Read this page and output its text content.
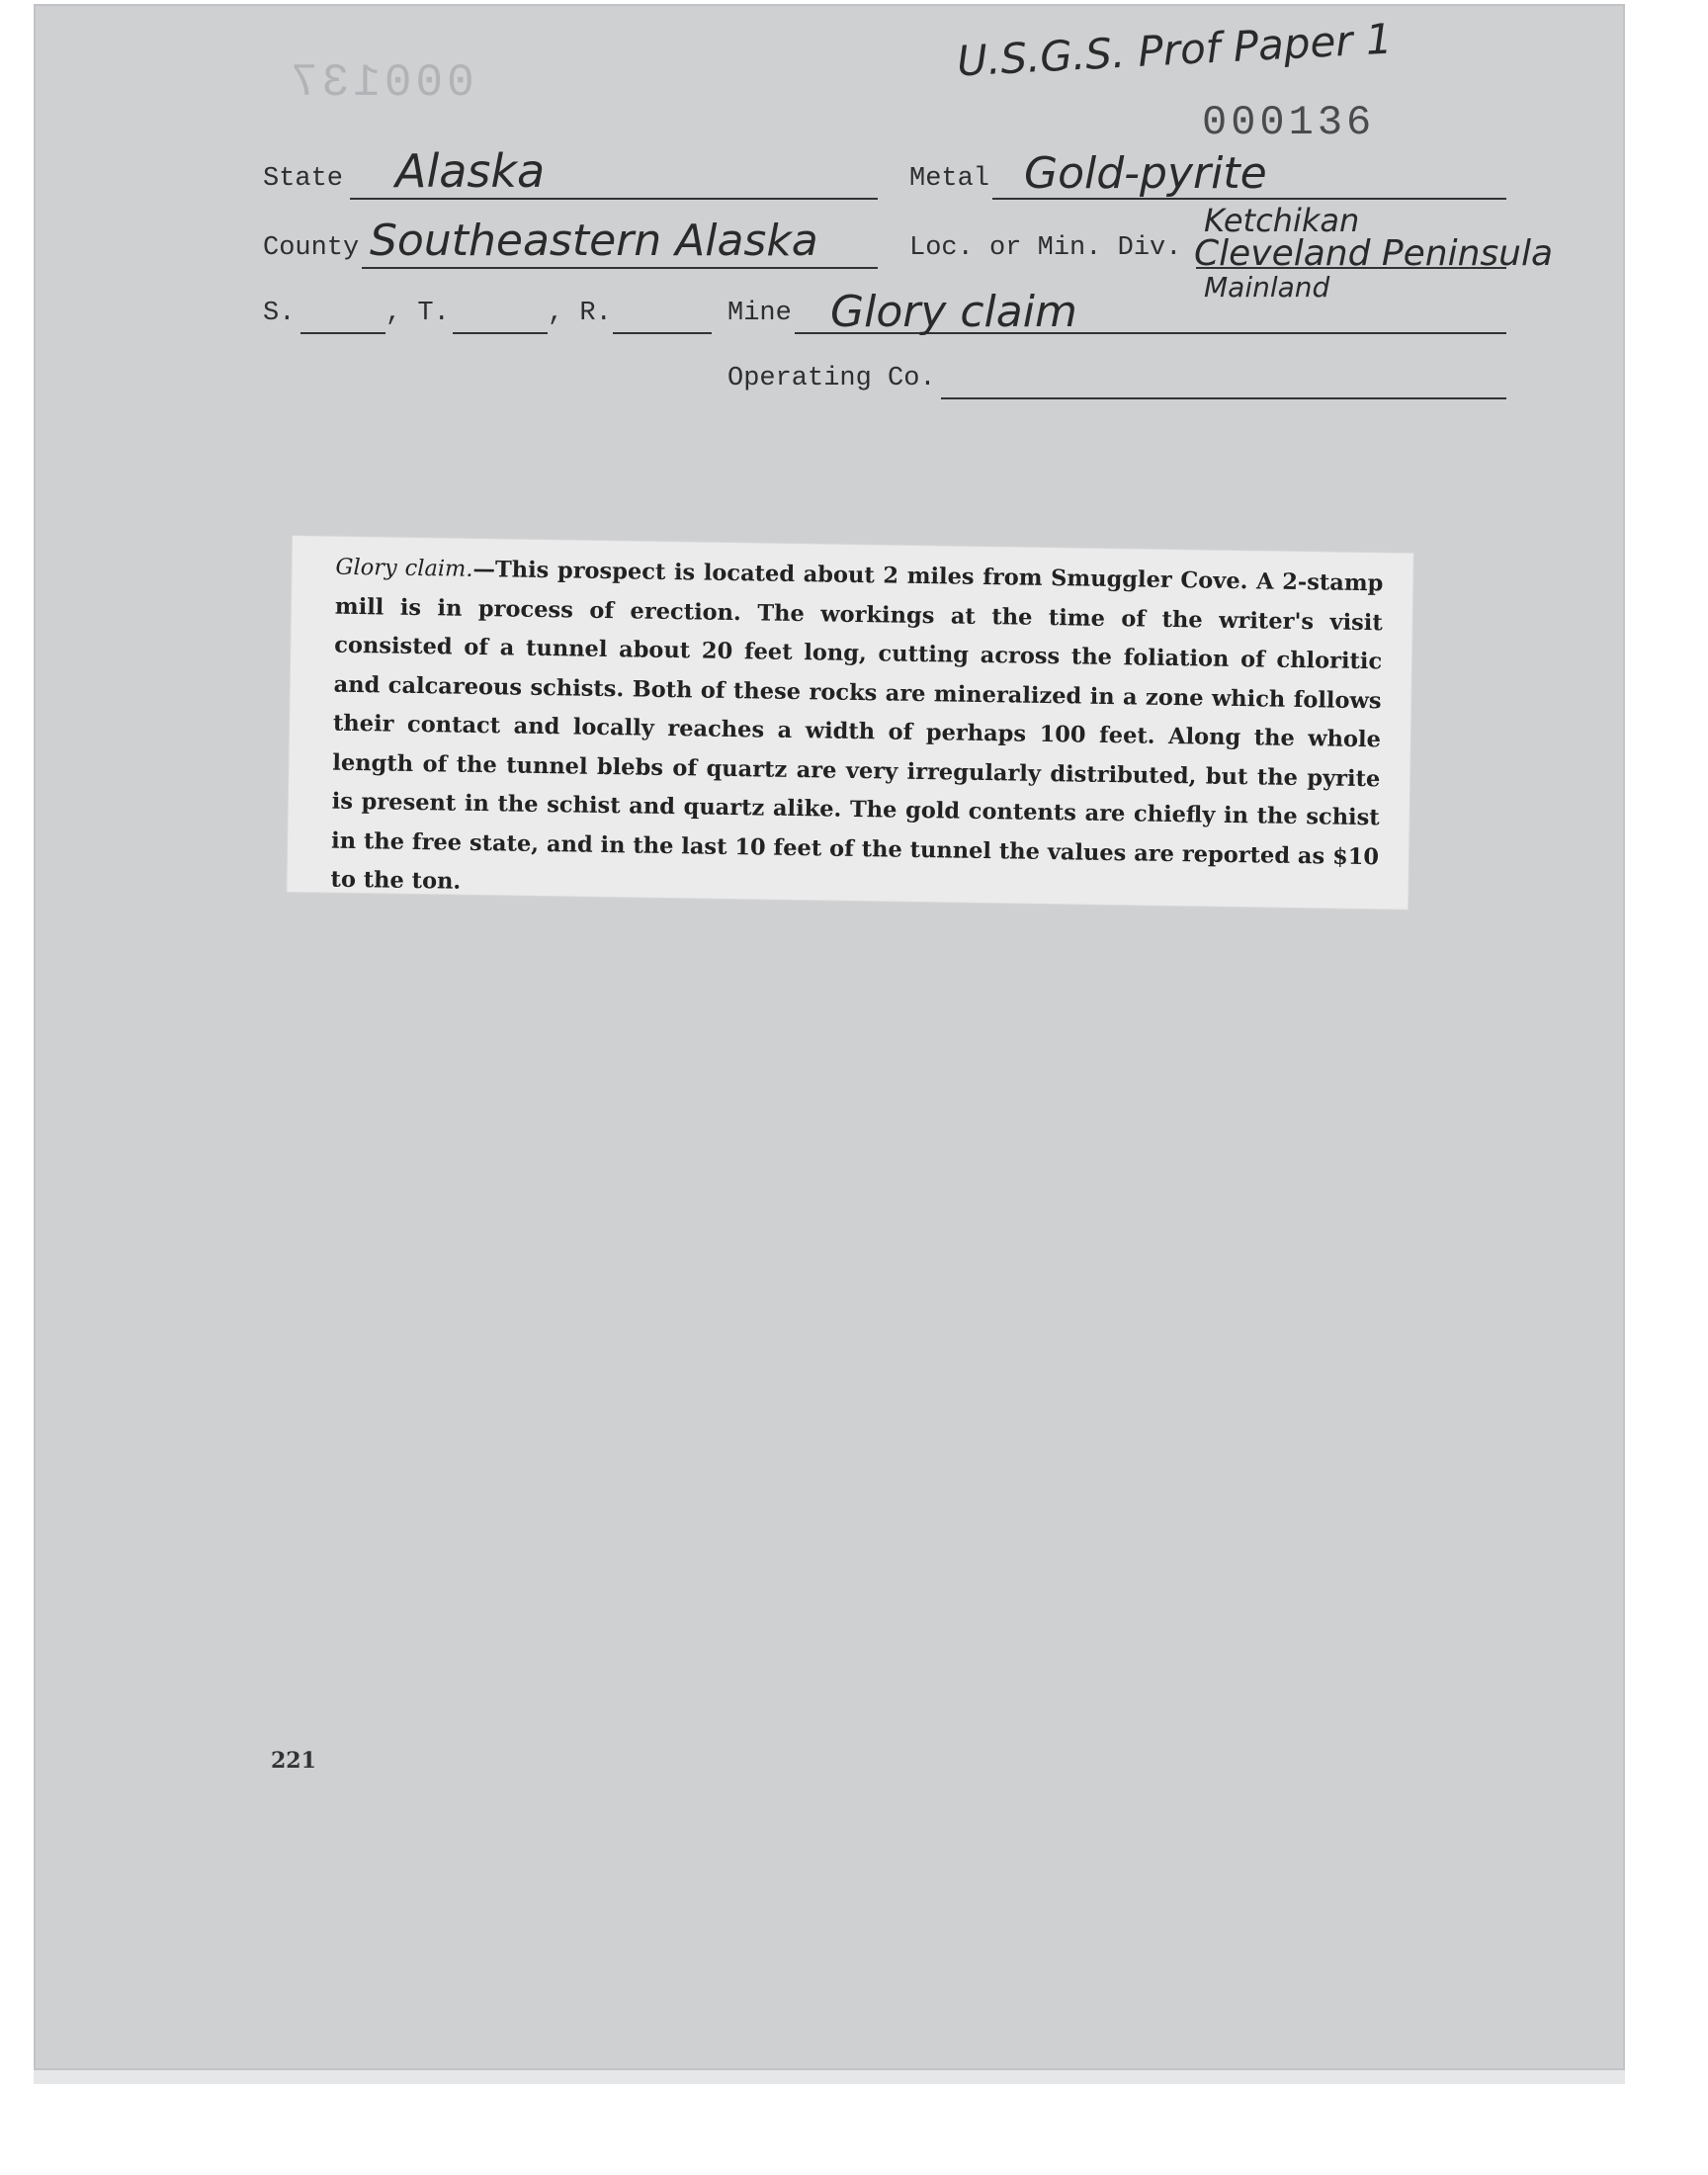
U.S.G.S. Prof Paper 1
000137
000136
State Alaska	Metal Gold-pyrite
County Southeastern Alaska	Loc. or Min. Div.
Ketchikan
Cleveland Peninsula
Mainland
S.	, T.	, R.	Mine Glory claim
Operating Co.
Glory claim.—This prospect is located about 2 miles from Smuggler Cove. A 2-stamp mill is in process of erection. The workings at the time of the writer's visit consisted of a tunnel about 20 feet long, cutting across the foliation of chloritic and calcareous schists. Both of these rocks are mineralized in a zone which follows their contact and locally reaches a width of perhaps 100 feet. Along the whole length of the tunnel blebs of quartz are very irregularly distributed, but the pyrite is present in the schist and quartz alike. The gold contents are chiefly in the schist in the free state, and in the last 10 feet of the tunnel the values are reported as $10 to the ton.
221
